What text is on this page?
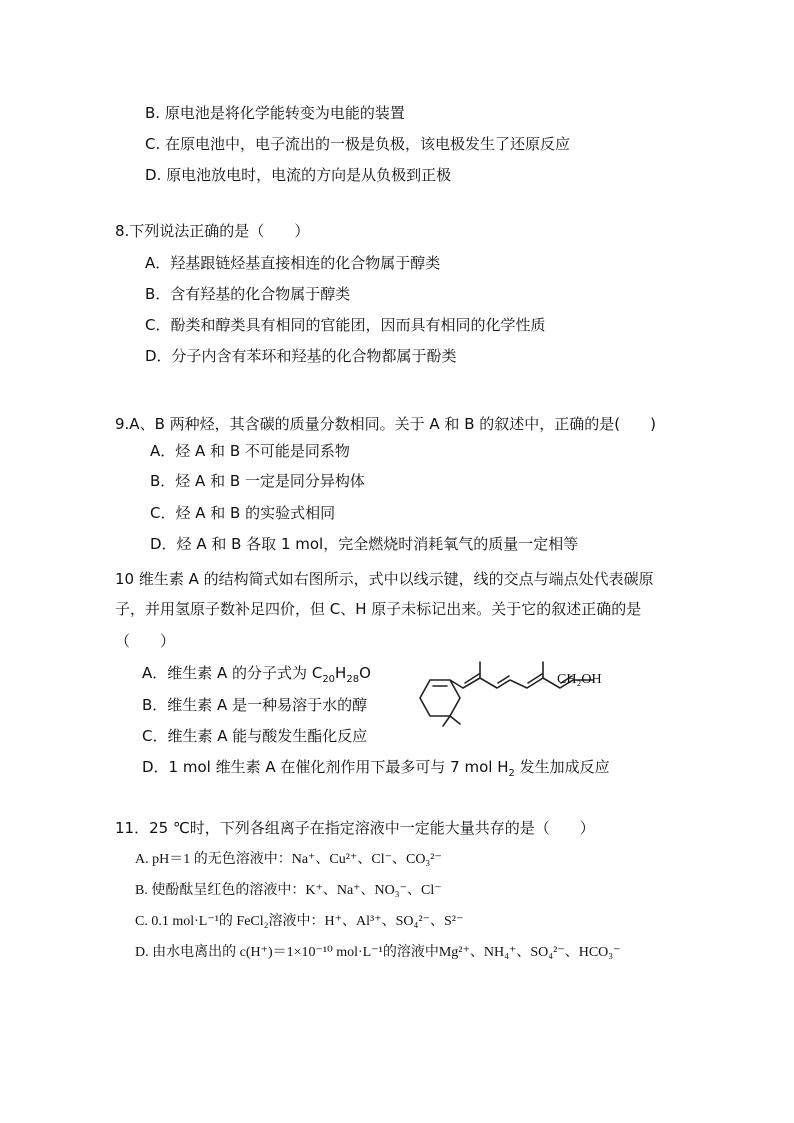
B. 原电池是将化学能转变为电能的装置
C. 在原电池中，电子流出的一极是负极，该电极发生了还原反应
D. 原电池放电时，电流的方向是从负极到正极
8.下列说法正确的是（　　）
A．羟基跟链烃基直接相连的化合物属于醇类
B．含有羟基的化合物属于醇类
C．酚类和醇类具有相同的官能团，因而具有相同的化学性质
D．分子内含有苯环和羟基的化合物都属于酚类
9.A、B 两种烃，其含碳的质量分数相同。关于 A 和 B 的叙述中，正确的是(　　)
A．烃 A 和 B 不可能是同系物
B．烃 A 和 B 一定是同分异构体
C．烃 A 和 B 的实验式相同
D．烃 A 和 B 各取 1 mol，完全燃烧时消耗氧气的质量一定相等
10 维生素 A 的结构简式如右图所示，式中以线示键，线的交点与端点处代表碳原
子，并用氢原子数补足四价，但 C、H 原子未标记出来。关于它的叙述正确的是
（　　）
A．维生素 A 的分子式为 $C_{20}H_{28}O$
B．维生素 A 是一种易溶于水的醇
C．维生素 A 能与酸发生酯化反应
D．1 mol 维生素 A 在催化剂作用下最多可与 7 mol $H_2$ 发生加成反应
CH₂OH
11．25 ℃时，下列各组离子在指定溶液中一定能大量共存的是（　　）
A. pH＝1 的无色溶液中：Na⁺、Cu²⁺、Cl⁻、CO₃²⁻
B. 使酚酞呈红色的溶液中：K⁺、Na⁺、NO₃⁻、Cl⁻
C. 0.1 mol·L⁻¹的 FeCl₂溶液中：H⁺、Al³⁺、SO₄²⁻、S²⁻
D. 由水电离出的 c(H⁺)＝1×10⁻¹⁰ mol·L⁻¹的溶液中Mg²⁺、NH₄⁺、SO₄²⁻、HCO₃⁻
